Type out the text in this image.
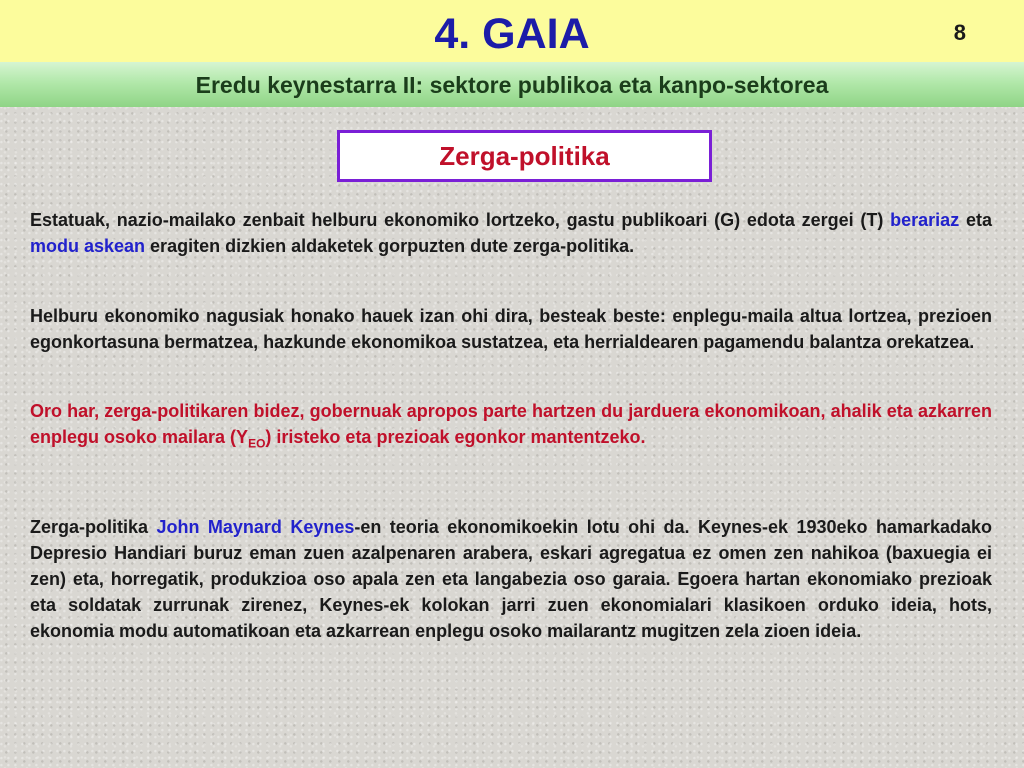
4. GAIA	8
Eredu keynestarra II: sektore publikoa eta kanpo-sektorea
Zerga-politika

Estatuak, nazio-mailako zenbait helburu ekonomiko lortzeko, gastu publikoari (G) edota zergei (T) berariaz eta modu askean eragiten dizkien aldaketek gorpuzten dute zerga-politika.

Helburu ekonomiko nagusiak honako hauek izan ohi dira, besteak beste: enplegu-maila altua lortzea, prezioen egonkortasuna bermatzea, hazkunde ekonomikoa sustatzea, eta herrialdearen pagamendu balantza orekatzea.

Oro har, zerga-politikaren bidez, gobernuak apropos parte hartzen du jarduera ekonomikoan, ahalik eta azkarren enplegu osoko mailara $(Y_{EO})$ iristeko eta prezioak egonkor mantentzeko.

Zerga-politika John Maynard Keynes-en teoria ekonomikoekin lotu ohi da. Keynes-ek 1930eko hamarkadako Depresio Handiari buruz eman zuen azalpenaren arabera, eskari agregatua ez omen zen nahikoa (baxuegia ei zen) eta, horregatik, produkzioa oso apala zen eta langabezia oso garaia. Egoera hartan ekonomiako prezioak eta soldatak zurrunak zirenez, Keynes-ek kolokan jarri zuen ekonomialari klasikoen orduko ideia, hots, ekonomia modu automatikoan eta azkarrean enplegu osoko mailarantz mugitzen zela zioen ideia.
